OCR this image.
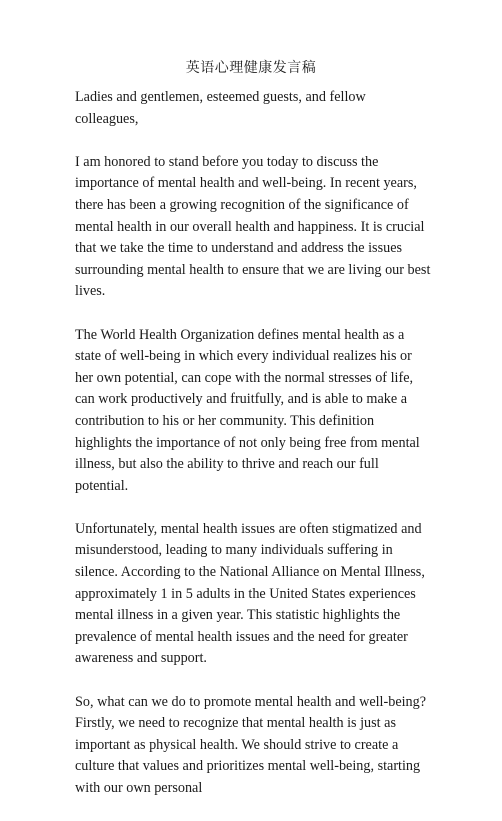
英语心理健康发言稿

Ladies and gentlemen, esteemed guests, and fellow colleagues,

I am honored to stand before you today to discuss the importance of mental health and well-being. In recent years, there has been a growing recognition of the significance of mental health in our overall health and happiness. It is crucial that we take the time to understand and address the issues surrounding mental health to ensure that we are living our best lives.

The World Health Organization defines mental health as a state of well-being in which every individual realizes his or her own potential, can cope with the normal stresses of life, can work productively and fruitfully, and is able to make a contribution to his or her community. This definition highlights the importance of not only being free from mental illness, but also the ability to thrive and reach our full potential.

Unfortunately, mental health issues are often stigmatized and misunderstood, leading to many individuals suffering in silence. According to the National Alliance on Mental Illness, approximately 1 in 5 adults in the United States experiences mental illness in a given year. This statistic highlights the prevalence of mental health issues and the need for greater awareness and support.

So, what can we do to promote mental health and well-being? Firstly, we need to recognize that mental health is just as important as physical health. We should strive to create a culture that values and prioritizes mental well-being, starting with our own personal
